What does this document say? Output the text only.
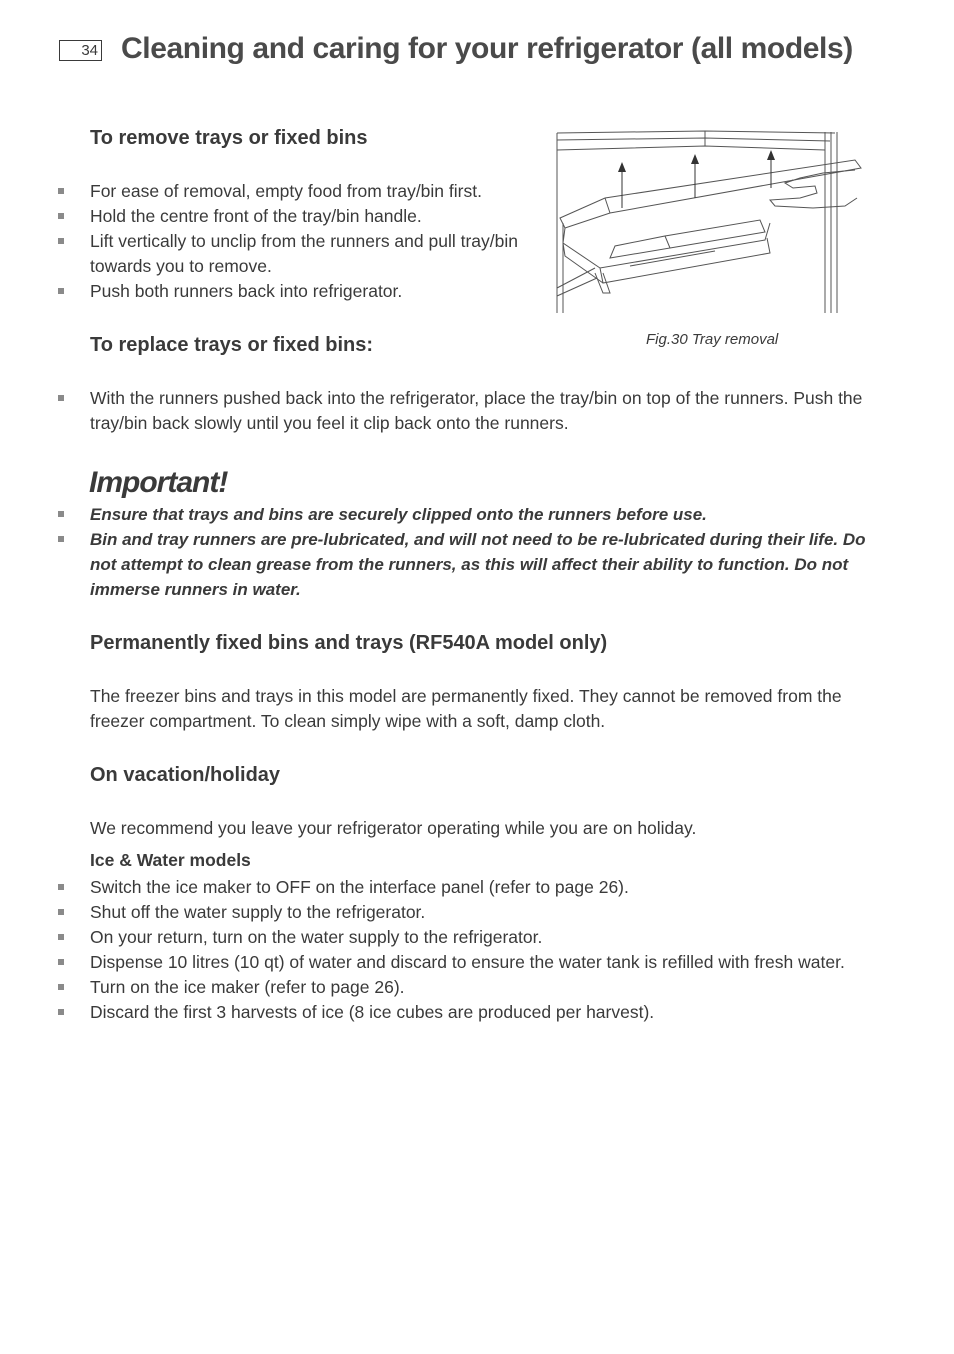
34 Cleaning and caring for your refrigerator (all models)
To remove trays or fixed bins
For ease of removal, empty food from tray/bin first.
Hold the centre front of the tray/bin handle.
Lift vertically to unclip from the runners and pull tray/bin towards you to remove.
Push both runners back into refrigerator.
Fig.30 Tray removal
To replace trays or fixed bins:
With the runners pushed back into the refrigerator, place the tray/bin on top of the runners. Push the tray/bin back slowly until you feel it clip back onto the runners.
Important!
Ensure that trays and bins are securely clipped onto the runners before use.
Bin and tray runners are pre-lubricated, and will not need to be re-lubricated during their life. Do not attempt to clean grease from the runners, as this will affect their ability to function. Do not immerse runners in water.
Permanently fixed bins and trays (RF540A model only)

The freezer bins and trays in this model are permanently fixed. They cannot be removed from the freezer compartment. To clean simply wipe with a soft, damp cloth.

On vacation/holiday

We recommend you leave your refrigerator operating while you are on holiday.

Ice & Water models
Switch the ice maker to OFF on the interface panel (refer to page 26).
Shut off the water supply to the refrigerator.
On your return, turn on the water supply to the refrigerator.
Dispense 10 litres (10 qt) of water and discard to ensure the water tank is refilled with fresh water.
Turn on the ice maker (refer to page 26).
Discard the first 3 harvests of ice (8 ice cubes are produced per harvest).
